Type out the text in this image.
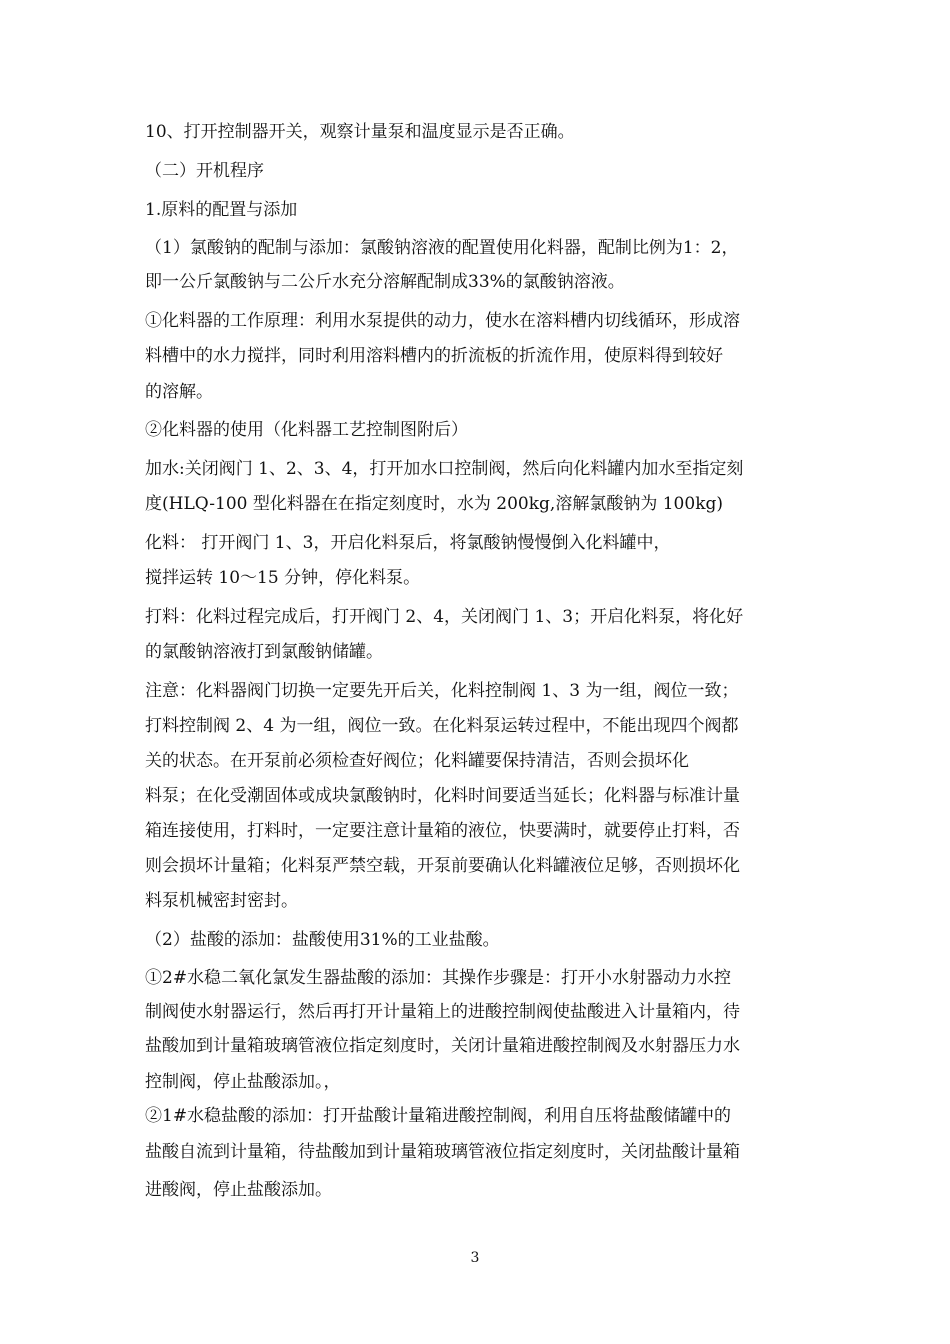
10、打开控制器开关，观察计量泵和温度显示是否正确。
（二）开机程序
1.原料的配置与添加
（1）氯酸钠的配制与添加：氯酸钠溶液的配置使用化料器，配制比例为1：2，
即一公斤氯酸钠与二公斤水充分溶解配制成33%的氯酸钠溶液。
①化料器的工作原理：利用水泵提供的动力，使水在溶料槽内切线循环，形成溶
料槽中的水力搅拌，同时利用溶料槽内的折流板的折流作用，使原料得到较好
的溶解。
②化料器的使用（化料器工艺控制图附后）
加水:关闭阀门 1、2、3、4，打开加水口控制阀，然后向化料罐内加水至指定刻
度(HLQ-100 型化料器在在指定刻度时，水为 200kg,溶解氯酸钠为 100kg)
化料： 打开阀门 1、3，开启化料泵后，将氯酸钠慢慢倒入化料罐中，
搅拌运转 10～15 分钟，停化料泵。
打料：化料过程完成后，打开阀门 2、4，关闭阀门 1、3；开启化料泵，将化好
的氯酸钠溶液打到氯酸钠储罐。
注意：化料器阀门切换一定要先开后关，化料控制阀 1、3 为一组，阀位一致；
打料控制阀 2、4 为一组，阀位一致。在化料泵运转过程中，不能出现四个阀都
关的状态。在开泵前必须检查好阀位；化料罐要保持清洁，否则会损坏化
料泵；在化受潮固体或成块氯酸钠时，化料时间要适当延长；化料器与标准计量
箱连接使用，打料时，一定要注意计量箱的液位，快要满时，就要停止打料，否
则会损坏计量箱；化料泵严禁空载，开泵前要确认化料罐液位足够，否则损坏化
料泵机械密封密封。
（2）盐酸的添加：盐酸使用31%的工业盐酸。
①2#水稳二氧化氯发生器盐酸的添加：其操作步骤是：打开小水射器动力水控
制阀使水射器运行，然后再打开计量箱上的进酸控制阀使盐酸进入计量箱内，待
盐酸加到计量箱玻璃管液位指定刻度时，关闭计量箱进酸控制阀及水射器压力水
控制阀，停止盐酸添加。，
②1#水稳盐酸的添加：打开盐酸计量箱进酸控制阀，利用自压将盐酸储罐中的
盐酸自流到计量箱，待盐酸加到计量箱玻璃管液位指定刻度时，关闭盐酸计量箱
进酸阀，停止盐酸添加。
3
